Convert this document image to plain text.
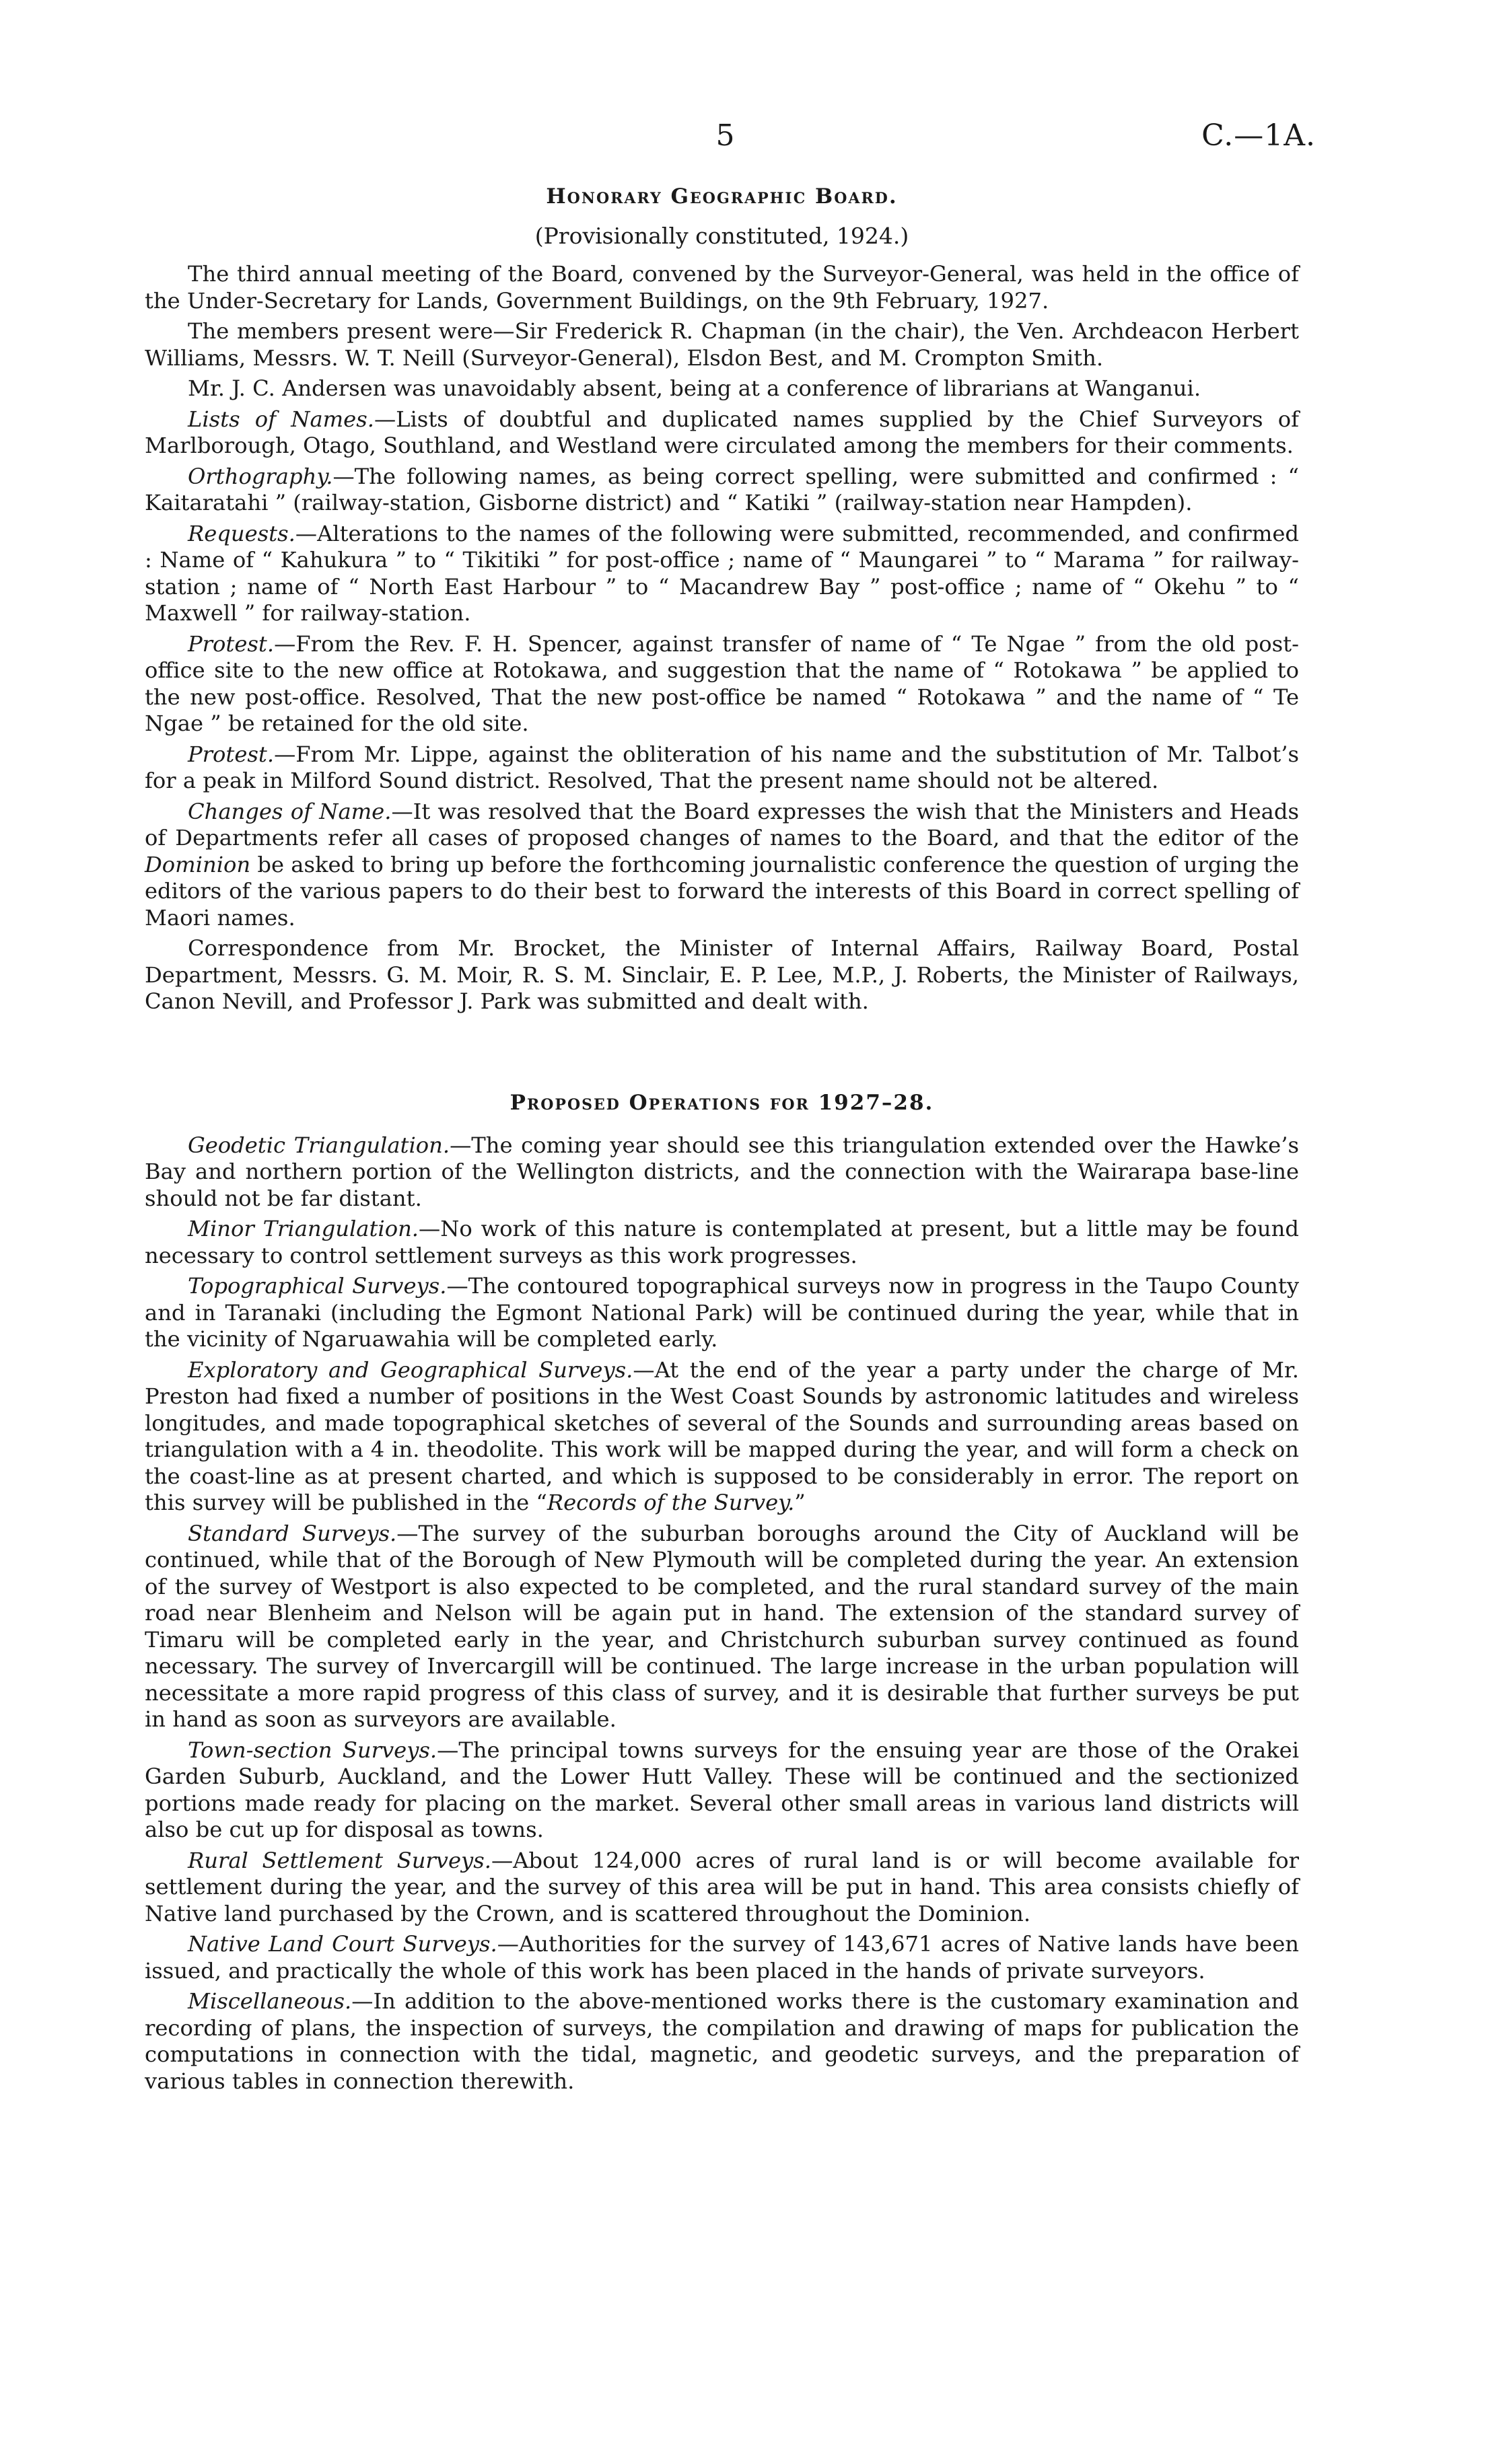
5	C.—1A.
Honorary Geographic Board.
(Provisionally constituted, 1924.)

The third annual meeting of the Board, convened by the Surveyor-General, was held in the office of the Under-Secretary for Lands, Government Buildings, on the 9th February, 1927.

The members present were—Sir Frederick R. Chapman (in the chair), the Ven. Archdeacon Herbert Williams, Messrs. W. T. Neill (Surveyor-General), Elsdon Best, and M. Crompton Smith.

Mr. J. C. Andersen was unavoidably absent, being at a conference of librarians at Wanganui.

Lists of Names.—Lists of doubtful and duplicated names supplied by the Chief Surveyors of Marlborough, Otago, Southland, and Westland were circulated among the members for their comments.

Orthography.—The following names, as being correct spelling, were submitted and confirmed : “ Kaitaratahi ” (railway-station, Gisborne district) and “ Katiki ” (railway-station near Hampden).

Requests.—Alterations to the names of the following were submitted, recommended, and confirmed : Name of “ Kahukura ” to “ Tikitiki ” for post-office ; name of “ Maungarei ” to “ Marama ” for railway-station ; name of “ North East Harbour ” to “ Macandrew Bay ” post-office ; name of “ Okehu ” to “ Maxwell ” for railway-station.

Protest.—From the Rev. F. H. Spencer, against transfer of name of “ Te Ngae ” from the old post-office site to the new office at Rotokawa, and suggestion that the name of “ Rotokawa ” be applied to the new post-office. Resolved, That the new post-office be named “ Rotokawa ” and the name of “ Te Ngae ” be retained for the old site.

Protest.—From Mr. Lippe, against the obliteration of his name and the substitution of Mr. Talbot’s for a peak in Milford Sound district. Resolved, That the present name should not be altered.

Changes of Name.—It was resolved that the Board expresses the wish that the Ministers and Heads of Departments refer all cases of proposed changes of names to the Board, and that the editor of the Dominion be asked to bring up before the forthcoming journalistic conference the question of urging the editors of the various papers to do their best to forward the interests of this Board in correct spelling of Maori names.

Correspondence from Mr. Brocket, the Minister of Internal Affairs, Railway Board, Postal Department, Messrs. G. M. Moir, R. S. M. Sinclair, E. P. Lee, M.P., J. Roberts, the Minister of Railways, Canon Nevill, and Professor J. Park was submitted and dealt with.

Proposed Operations for 1927–28.

Geodetic Triangulation.—The coming year should see this triangulation extended over the Hawke’s Bay and northern portion of the Wellington districts, and the connection with the Wairarapa base-line should not be far distant.

Minor Triangulation.—No work of this nature is contemplated at present, but a little may be found necessary to control settlement surveys as this work progresses.

Topographical Surveys.—The contoured topographical surveys now in progress in the Taupo County and in Taranaki (including the Egmont National Park) will be continued during the year, while that in the vicinity of Ngaruawahia will be completed early.

Exploratory and Geographical Surveys.—At the end of the year a party under the charge of Mr. Preston had fixed a number of positions in the West Coast Sounds by astronomic latitudes and wireless longitudes, and made topographical sketches of several of the Sounds and surrounding areas based on triangulation with a 4 in. theodolite. This work will be mapped during the year, and will form a check on the coast-line as at present charted, and which is supposed to be considerably in error. The report on this survey will be published in the “Records of the Survey.”

Standard Surveys.—The survey of the suburban boroughs around the City of Auckland will be continued, while that of the Borough of New Plymouth will be completed during the year. An extension of the survey of Westport is also expected to be completed, and the rural standard survey of the main road near Blenheim and Nelson will be again put in hand. The extension of the standard survey of Timaru will be completed early in the year, and Christchurch suburban survey continued as found necessary. The survey of Invercargill will be continued. The large increase in the urban population will necessitate a more rapid progress of this class of survey, and it is desirable that further surveys be put in hand as soon as surveyors are available.

Town-section Surveys.—The principal towns surveys for the ensuing year are those of the Orakei Garden Suburb, Auckland, and the Lower Hutt Valley. These will be continued and the sectionized portions made ready for placing on the market. Several other small areas in various land districts will also be cut up for disposal as towns.

Rural Settlement Surveys.—About 124,000 acres of rural land is or will become available for settlement during the year, and the survey of this area will be put in hand. This area consists chiefly of Native land purchased by the Crown, and is scattered throughout the Dominion.

Native Land Court Surveys.—Authorities for the survey of 143,671 acres of Native lands have been issued, and practically the whole of this work has been placed in the hands of private surveyors.

Miscellaneous.—In addition to the above-mentioned works there is the customary examination and recording of plans, the inspection of surveys, the compilation and drawing of maps for publication the computations in connection with the tidal, magnetic, and geodetic surveys, and the preparation of various tables in connection therewith.
